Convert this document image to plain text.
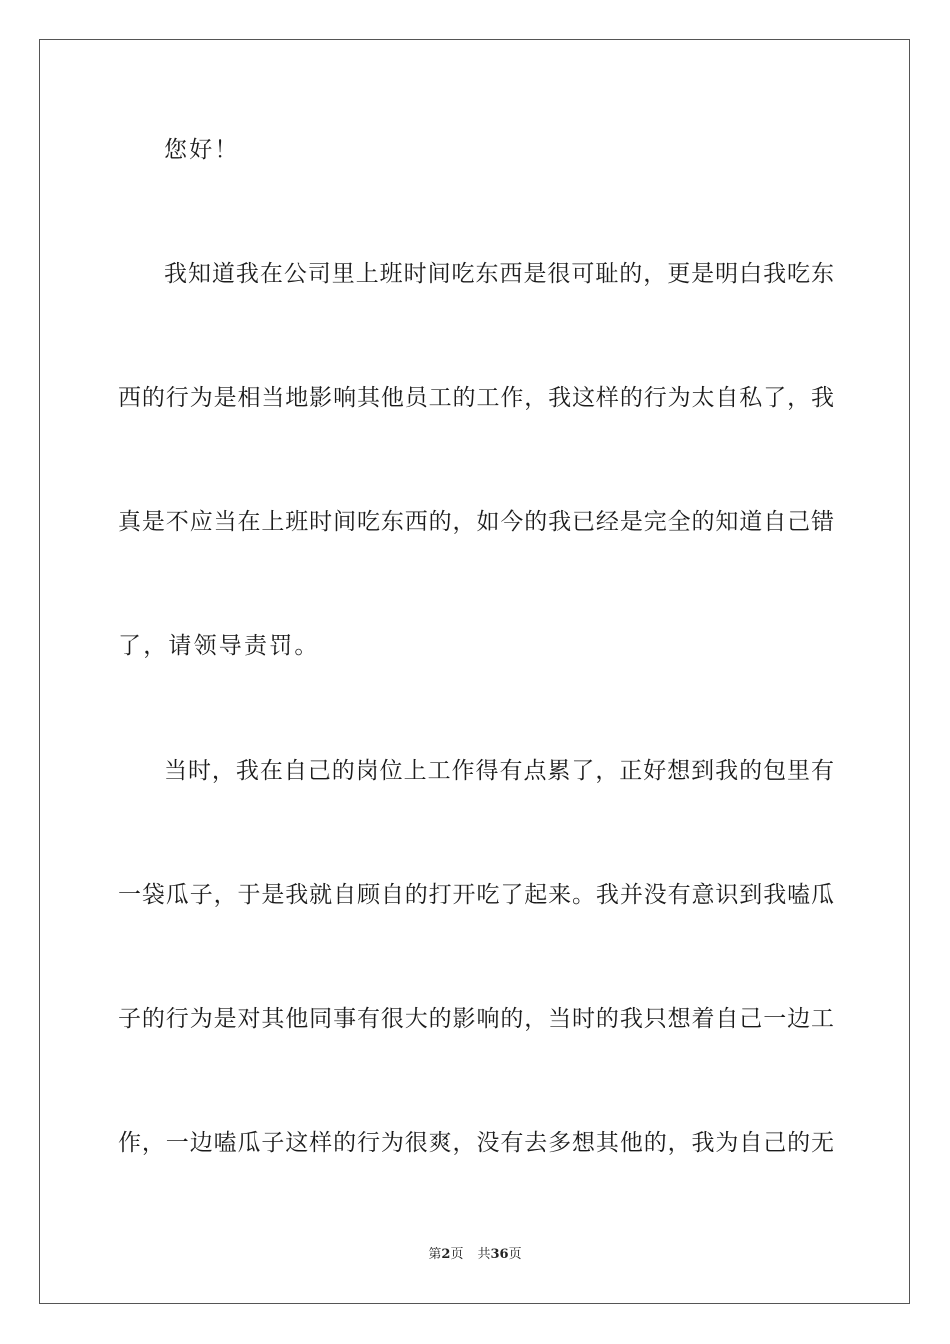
您好！
我知道我在公司里上班时间吃东西是很可耻的，更是明白我吃东
西的行为是相当地影响其他员工的工作，我这样的行为太自私了，我
真是不应当在上班时间吃东西的，如今的我已经是完全的知道自己错
了，请领导责罚。
当时，我在自己的岗位上工作得有点累了，正好想到我的包里有
一袋瓜子，于是我就自顾自的打开吃了起来。我并没有意识到我嗑瓜
子的行为是对其他同事有很大的影响的，当时的我只想着自己一边工
作，一边嗑瓜子这样的行为很爽，没有去多想其他的，我为自己的无
第2页 共36页
